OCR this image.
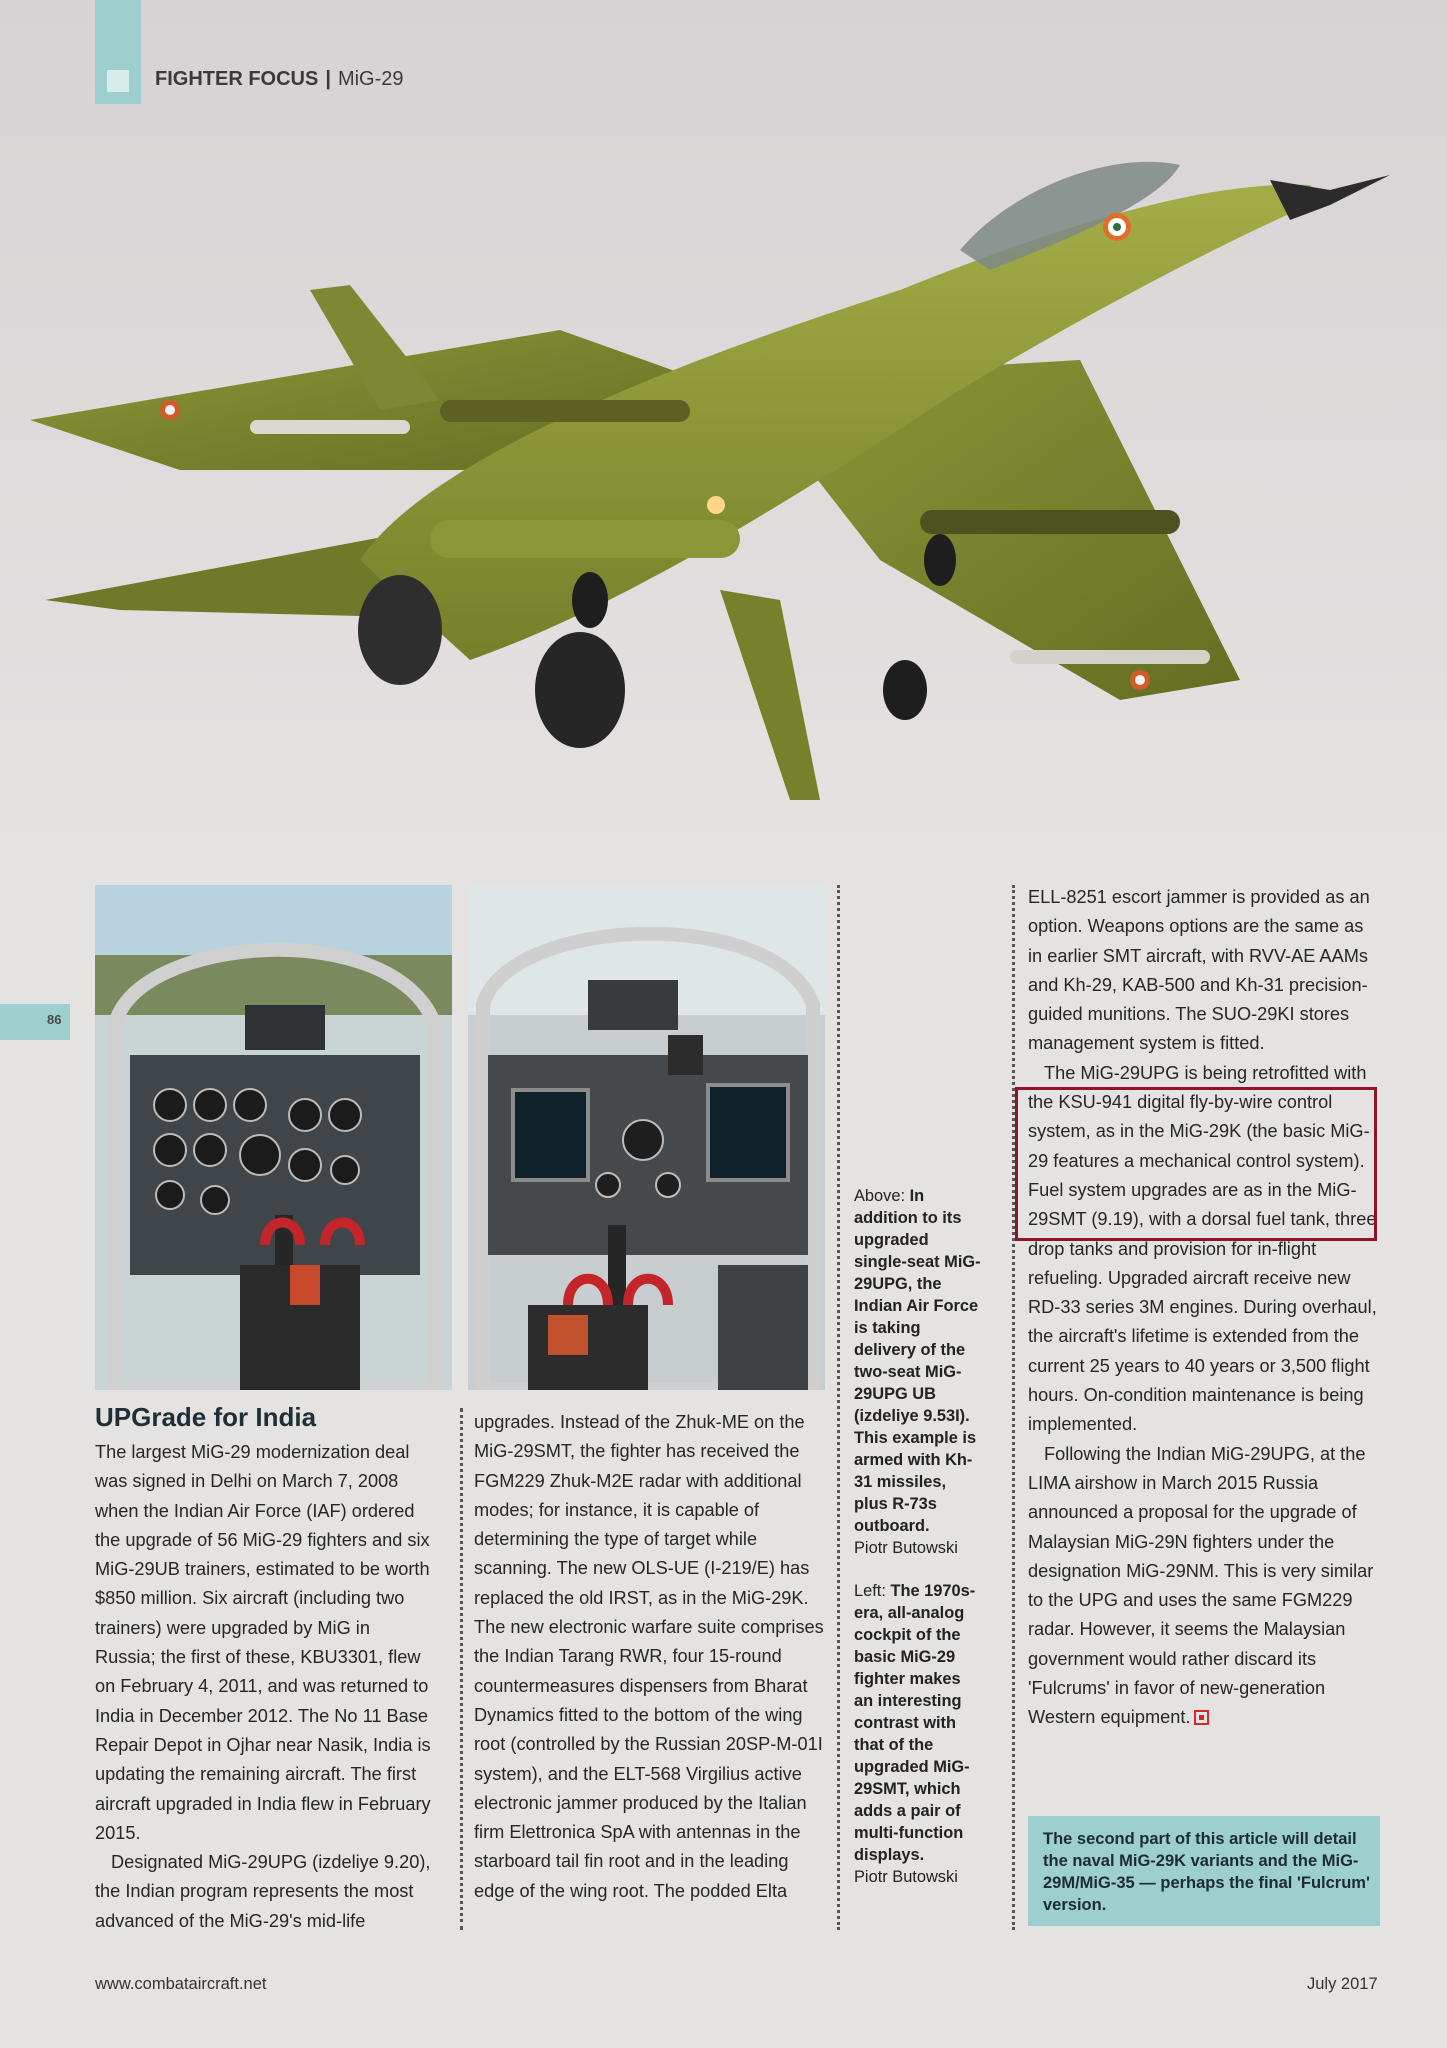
FIGHTER FOCUS | MiG-29
86
UPGrade for India

The largest MiG-29 modernization deal was signed in Delhi on March 7, 2008 when the Indian Air Force (IAF) ordered the upgrade of 56 MiG-29 fighters and six MiG-29UB trainers, estimated to be worth $850 million. Six aircraft (including two trainers) were upgraded by MiG in Russia; the first of these, KBU3301, flew on February 4, 2011, and was returned to India in December 2012. The No 11 Base Repair Depot in Ojhar near Nasik, India is updating the remaining aircraft. The first aircraft upgraded in India flew in February 2015.

Designated MiG-29UPG (izdeliye 9.20), the Indian program represents the most advanced of the MiG-29's mid-life

upgrades. Instead of the Zhuk-ME on the MiG-29SMT, the fighter has received the FGM229 Zhuk-M2E radar with additional modes; for instance, it is capable of determining the type of target while scanning. The new OLS-UE (I-219/E) has replaced the old IRST, as in the MiG-29K. The new electronic warfare suite comprises the Indian Tarang RWR, four 15-round countermeasures dispensers from Bharat Dynamics fitted to the bottom of the wing root (controlled by the Russian 20SP-M-01I system), and the ELT-568 Virgilius active electronic jammer produced by the Italian firm Elettronica SpA with antennas in the starboard tail fin root and in the leading edge of the wing root. The podded Elta

Above: In addition to its upgraded single-seat MiG-29UPG, the Indian Air Force is taking delivery of the two-seat MiG-29UPG UB (izdeliye 9.53I). This example is armed with Kh-31 missiles, plus R-73s outboard.
Piotr Butowski
Left: The 1970s-era, all-analog cockpit of the basic MiG-29 fighter makes an interesting contrast with that of the upgraded MiG-29SMT, which adds a pair of multi-function displays.
Piotr Butowski

ELL-8251 escort jammer is provided as an option. Weapons options are the same as in earlier SMT aircraft, with RVV-AE AAMs and Kh-29, KAB-500 and Kh-31 precision-guided munitions. The SUO-29KI stores management system is fitted.

The MiG-29UPG is being retrofitted with the KSU-941 digital fly-by-wire control system, as in the MiG-29K (the basic MiG-29 features a mechanical control system). Fuel system upgrades are as in the MiG-29SMT (9.19), with a dorsal fuel tank, three drop tanks and provision for in-flight refueling. Upgraded aircraft receive new RD-33 series 3M engines. During overhaul, the aircraft's lifetime is extended from the current 25 years to 40 years or 3,500 flight hours. On-condition maintenance is being implemented.

Following the Indian MiG-29UPG, at the LIMA airshow in March 2015 Russia announced a proposal for the upgrade of Malaysian MiG-29N fighters under the designation MiG-29NM. This is very similar to the UPG and uses the same FGM229 radar. However, it seems the Malaysian government would rather discard its 'Fulcrums' in favor of new-generation Western equipment.

The second part of this article will detail the naval MiG-29K variants and the MiG-29M/MiG-35 — perhaps the final 'Fulcrum' version.
www.combataircraft.net	July 2017
